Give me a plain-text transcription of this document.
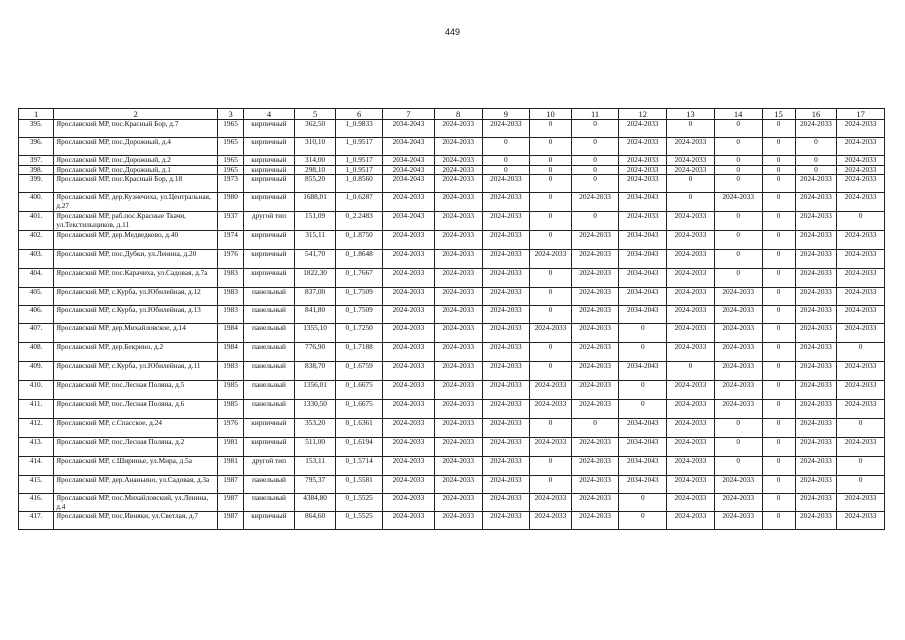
449
1	2	3	4	5	6	7	8	9	10	11	12	13	14	15	16	17
395.	Ярославский МР, пос.Красный Бор, д.7	1965	кирпичный	362,50	1_0.9833	2034-2043	2024-2033	2024-2033	0	0	2024-2033	0	0	0	2024-2033	2024-2033
396.	Ярославский МР, пос.Дорожный, д.4	1965	кирпичный	310,10	1_0.9517	2034-2043	2024-2033	0	0	0	2024-2033	2024-2033	0	0	0	2024-2033
397.	Ярославский МР, пос.Дорожный, д.2	1965	кирпичный	314,00	1_0.9517	2034-2043	2024-2033	0	0	0	2024-2033	2024-2033	0	0	0	2024-2033
398.	Ярославский МР, пос.Дорожный, д.1	1965	кирпичный	298,10	1_0.9517	2034-2043	2024-2033	0	0	0	2024-2033	2024-2033	0	0	0	2024-2033
399.	Ярославский МР, пос.Красный Бор, д.18	1973	кирпичный	855,20	1_0.8560	2034-2043	2024-2033	2024-2033	0	0	2024-2033	0	0	0	2024-2033	2024-2033
400.	Ярославский МР, дер.Кузнечиха, ул.Центральная, д.27	1980	кирпичный	1688,01	1_0.6287	2024-2033	2024-2033	2024-2033	0	2024-2033	2034-2043	0	2024-2033	0	2024-2033	2024-2033
401.	Ярославский МР, раб.пос.Красные Ткачи, ул.Текстильщиков, д.11	1937	другой тип	151,09	0_2.2483	2034-2043	2024-2033	2024-2033	0	0	2024-2033	2024-2033	0	0	2024-2033	0
402.	Ярославский МР, дер.Медведково, д.40	1974	кирпичный	315,11	0_1.8750	2024-2033	2024-2033	2024-2033	0	2024-2033	2034-2043	2024-2033	0	0	2024-2033	2024-2033
403.	Ярославский МР, пос.Дубки, ул.Ленина, д.20	1976	кирпичный	541,70	0_1.8648	2024-2033	2024-2033	2024-2033	2024-2033	2024-2033	2034-2043	2024-2033	0	0	2024-2033	2024-2033
404.	Ярославский МР, пос.Карачиха, ул.Садовая, д.7а	1983	кирпичный	1822,30	0_1.7667	2024-2033	2024-2033	2024-2033	0	2024-2033	2034-2043	2024-2033	0	0	2024-2033	2024-2033
405.	Ярославский МР, с.Курба, ул.Юбилейная, д.12	1983	панельный	837,00	0_1.7509	2024-2033	2024-2033	2024-2033	0	2024-2033	2034-2043	2024-2033	2024-2033	0	2024-2033	2024-2033
406.	Ярославский МР, с.Курба, ул.Юбилейная, д.13	1983	панельный	841,80	0_1.7509	2024-2033	2024-2033	2024-2033	0	2024-2033	2034-2043	2024-2033	2024-2033	0	2024-2033	2024-2033
407.	Ярославский МР, дер.Михайловское, д.14	1984	панельный	1355,10	0_1.7250	2024-2033	2024-2033	2024-2033	2024-2033	2024-2033	0	2024-2033	2024-2033	0	2024-2033	2024-2033
408.	Ярославский МР, дер.Бекрино, д.2	1984	панельный	776,90	0_1.7188	2024-2033	2024-2033	2024-2033	0	2024-2033	0	2024-2033	2024-2033	0	2024-2033	0
409.	Ярославский МР, с.Курба, ул.Юбилейная, д.11	1983	панельный	838,70	0_1.6759	2024-2033	2024-2033	2024-2033	0	2024-2033	2034-2043	0	2024-2033	0	2024-2033	2024-2033
410.	Ярославский МР, пос.Лесная Поляна, д.5	1985	панельный	1356,01	0_1.6675	2024-2033	2024-2033	2024-2033	2024-2033	2024-2033	0	2024-2033	2024-2033	0	2024-2033	2024-2033
411.	Ярославский МР, пос.Лесная Поляна, д.6	1985	панельный	1330,50	0_1.6675	2024-2033	2024-2033	2024-2033	2024-2033	2024-2033	0	2024-2033	2024-2033	0	2024-2033	2024-2033
412.	Ярославский МР, с.Спасское, д.24	1976	кирпичный	353,20	0_1.6361	2024-2033	2024-2033	2024-2033	0	0	2034-2043	2024-2033	0	0	2024-2033	0
413.	Ярославский МР, пос.Лесная Поляна, д.2	1981	кирпичный	511,00	0_1.6194	2024-2033	2024-2033	2024-2033	2024-2033	2024-2033	2034-2043	2024-2033	0	0	2024-2033	2024-2033
414.	Ярославский МР, с.Ширинье, ул.Мира, д.5а	1981	другой тип	153,11	0_1.5714	2024-2033	2024-2033	2024-2033	0	2024-2033	2034-2043	2024-2033	0	0	2024-2033	0
415.	Ярославский МР, дер.Ананьино, ул.Садовая, д.3а	1987	панельный	795,37	0_1.5581	2024-2033	2024-2033	2024-2033	0	2024-2033	2034-2043	2024-2033	2024-2033	0	2024-2033	0
416.	Ярославский МР, пос.Михайловский, ул.Ленина, д.4	1987	панельный	4384,80	0_1.5525	2024-2033	2024-2033	2024-2033	2024-2033	2024-2033	0	2024-2033	2024-2033	0	2024-2033	2024-2033
417.	Ярославский МР, пос.Ивняки, ул.Светлая, д.7	1987	кирпичный	864,60	0_1.5525	2024-2033	2024-2033	2024-2033	2024-2033	2024-2033	0	2024-2033	2024-2033	0	2024-2033	2024-2033
